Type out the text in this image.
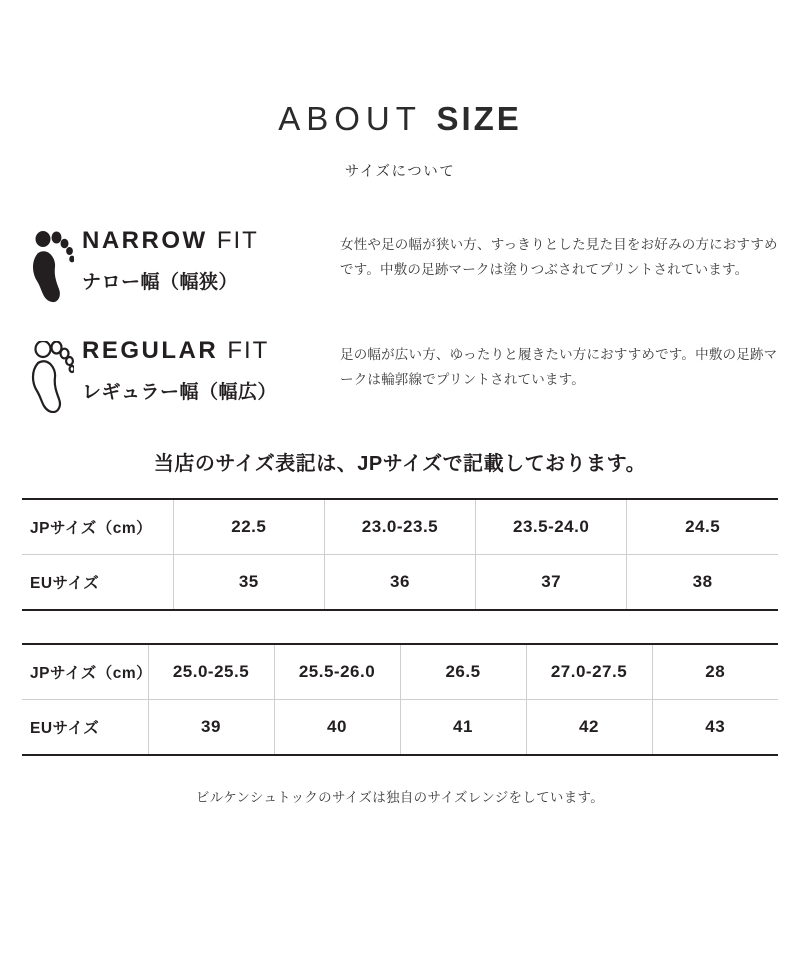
ABOUT SIZE
サイズについて
NARROW FIT
ナロー幅（幅狭）
女性や足の幅が狭い方、すっきりとした見た目をお好みの方におすすめです。中敷の足跡マークは塗りつぶされてプリントされています。
REGULAR FIT
レギュラー幅（幅広）
足の幅が広い方、ゆったりと履きたい方におすすめです。中敷の足跡マークは輪郭線でプリントされています。
当店のサイズ表記は、JPサイズで記載しております。
JPサイズ（cm）	22.5	23.0-23.5	23.5-24.0	24.5
EUサイズ	35	36	37	38
JPサイズ（cm）	25.0-25.5	25.5-26.0	26.5	27.0-27.5	28
EUサイズ	39	40	41	42	43
ビルケンシュトックのサイズは独自のサイズレンジをしています。
